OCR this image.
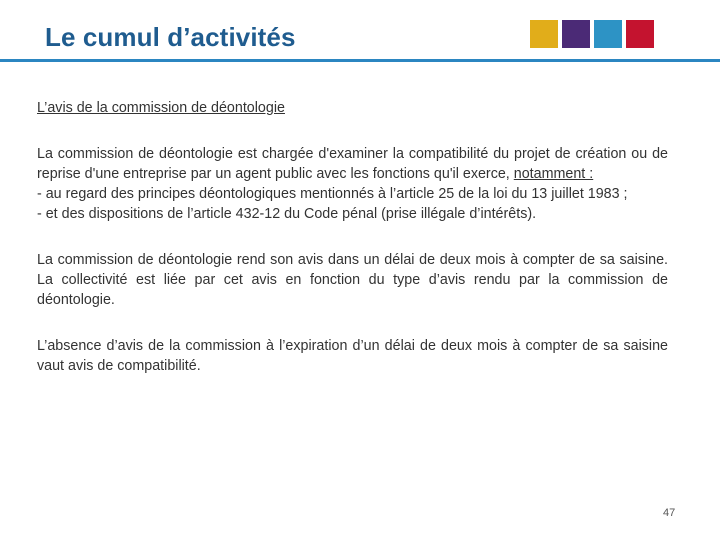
Le cumul d’activités
L’avis de la commission de déontologie

La commission de déontologie est chargée d'examiner la compatibilité du projet de création ou de reprise d'une entreprise par un agent public avec les fonctions qu'il exerce, notamment :

- au regard des principes déontologiques mentionnés à l’article 25 de la loi du 13 juillet 1983 ;

- et des dispositions de l’article 432-12 du Code pénal (prise illégale d’intérêts).

La commission de déontologie rend son avis dans un délai de deux mois à compter de sa saisine. La collectivité est liée par cet avis en fonction du type d’avis rendu par la commission de déontologie.

L’absence d’avis de la commission à l’expiration d’un délai de deux mois à compter de sa saisine vaut avis de compatibilité.

47
